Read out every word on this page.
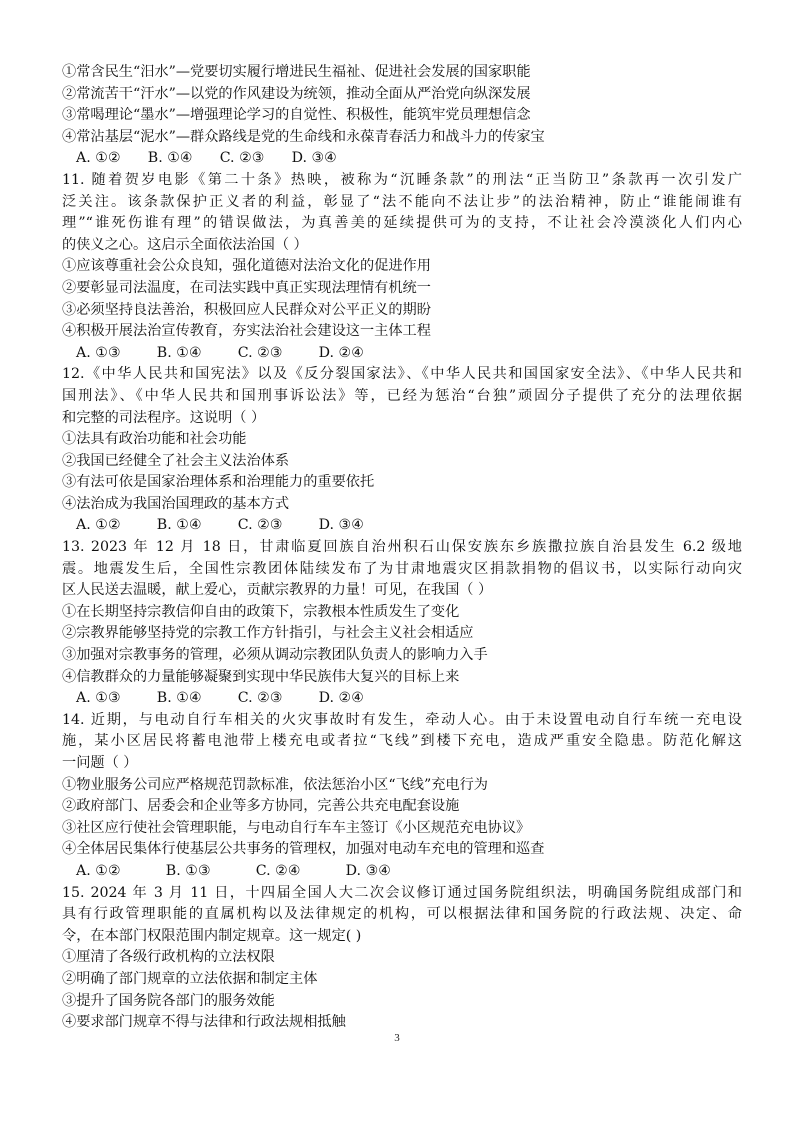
①常含民生“汨水”—党要切实履行增进民生福祉、促进社会发展的国家职能
②常流苦干“汗水”—以党的作风建设为统领，推动全面从严治党向纵深发展
③常喝理论“墨水”—增强理论学习的自觉性、积极性，能筑牢党员理想信念
④常沾基层“泥水”—群众路线是党的生命线和永葆青春活力和战斗力的传家宝
A. ①②      B. ①④      C. ②③      D. ③④
11. 随着贺岁电影《第二十条》热映，被称为“沉睡条款”的刑法“正当防卫”条款再一次引发广
泛关注。该条款保护正义者的利益，彰显了“法不能向不法让步”的法治精神，防止“谁能闹谁有
理”“谁死伤谁有理”的错误做法，为真善美的延续提供可为的支持，不让社会冷漠淡化人们内心
的侠义之心。这启示全面依法治国（ ）
①应该尊重社会公众良知，强化道德对法治文化的促进作用
②要彰显司法温度，在司法实践中真正实现法理情有机统一
③必须坚持良法善治，积极回应人民群众对公平正义的期盼
④积极开展法治宣传教育，夯实法治社会建设这一主体工程
A. ①③        B. ①④        C. ②③        D. ②④
12.《中华人民共和国宪法》以及《反分裂国家法》、《中华人民共和国国家安全法》、《中华人民共和
国刑法》、《中华人民共和国刑事诉讼法》等，已经为惩治“台独”顽固分子提供了充分的法理依据
和完整的司法程序。这说明（ ）
①法具有政治功能和社会功能
②我国已经健全了社会主义法治体系
③有法可依是国家治理体系和治理能力的重要依托
④法治成为我国治国理政的基本方式
A. ①②        B. ①④        C. ②③        D. ③④
13. 2023 年 12 月 18 日，甘肃临夏回族自治州积石山保安族东乡族撒拉族自治县发生 6.2 级地
震。地震发生后，全国性宗教团体陆续发布了为甘肃地震灾区捐款捐物的倡议书，以实际行动向灾
区人民送去温暖，献上爱心，贡献宗教界的力量！可见，在我国（ ）
①在长期坚持宗教信仰自由的政策下，宗教根本性质发生了变化
②宗教界能够坚持党的宗教工作方针指引，与社会主义社会相适应
③加强对宗教事务的管理，必须从调动宗教团队负责人的影响力入手
④信教群众的力量能够凝聚到实现中华民族伟大复兴的目标上来
A. ①③        B. ①④        C. ②③        D. ②④
14. 近期，与电动自行车相关的火灾事故时有发生，牵动人心。由于未设置电动自行车统一充电设
施，某小区居民将蓄电池带上楼充电或者拉“飞线”到楼下充电，造成严重安全隐患。防范化解这
一问题（ ）
①物业服务公司应严格规范罚款标准，依法惩治小区“飞线”充电行为
②政府部门、居委会和企业等多方协同，完善公共充电配套设施
③社区应行使社会管理职能，与电动自行车车主签订《小区规范充电协议》
④全体居民集体行使基层公共事务的管理权，加强对电动车充电的管理和巡查
A. ①②          B. ①③          C. ②④          D. ③④
15. 2024 年 3 月 11 日，十四届全国人大二次会议修订通过国务院组织法，明确国务院组成部门和
具有行政管理职能的直属机构以及法律规定的机构，可以根据法律和国务院的行政法规、决定、命
令，在本部门权限范围内制定规章。这一规定( )
①厘清了各级行政机构的立法权限
②明确了部门规章的立法依据和制定主体
③提升了国务院各部门的服务效能
④要求部门规章不得与法律和行政法规相抵触
3
